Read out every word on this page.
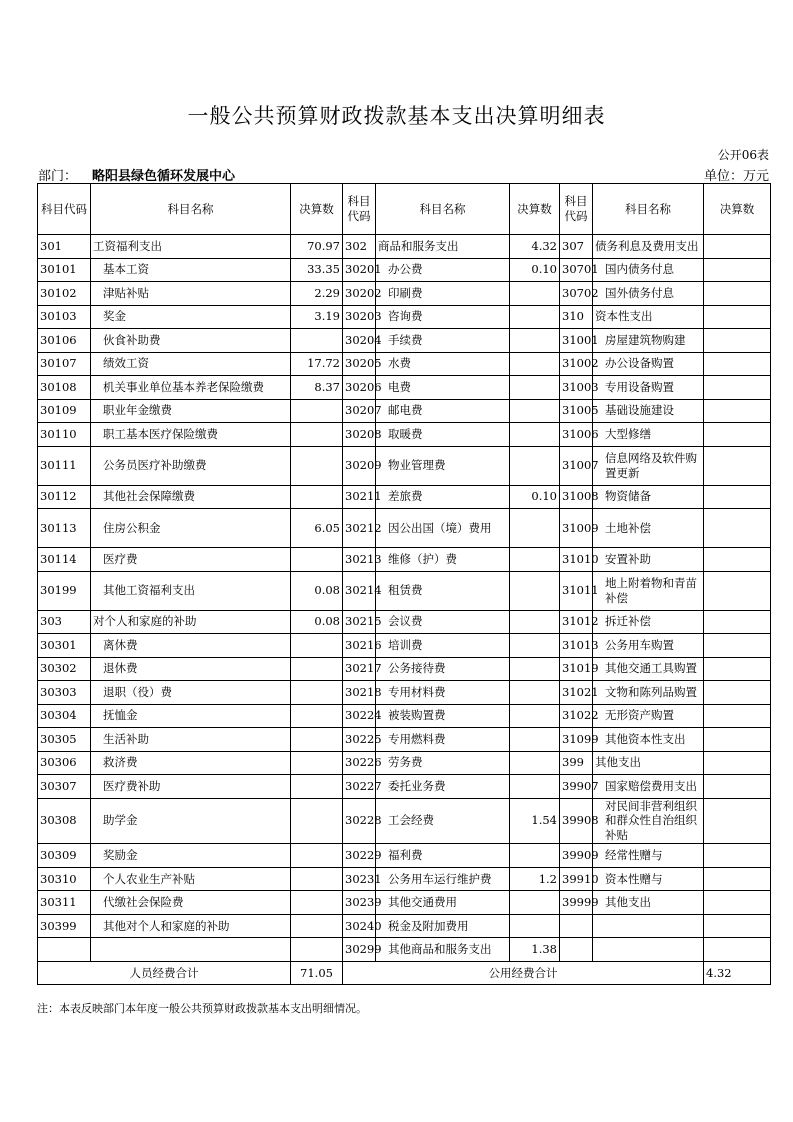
一般公共预算财政拨款基本支出决算明细表
公开06表
部门： 略阳县绿色循环发展中心	单位：万元
科目代码	科目名称	决算数	科目代码	科目名称	决算数	科目代码	科目名称	决算数
301	工资福利支出	70.97	302	商品和服务支出	4.32	307	债务利息及费用支出	
30101	基本工资	33.35	30201	办公费	0.10	30701	国内债务付息	
30102	津贴补贴	2.29	30202	印刷费		30702	国外债务付息	
30103	奖金	3.19	30203	咨询费		310	资本性支出	
30106	伙食补助费		30204	手续费		31001	房屋建筑物购建	
30107	绩效工资	17.72	30205	水费		31002	办公设备购置	
30108	机关事业单位基本养老保险缴费	8.37	30206	电费		31003	专用设备购置	
30109	职业年金缴费		30207	邮电费		31005	基础设施建设	
30110	职工基本医疗保险缴费		30208	取暖费		31006	大型修缮	
30111	公务员医疗补助缴费		30209	物业管理费		31007	信息网络及软件购置更新	
30112	其他社会保障缴费		30211	差旅费	0.10	31008	物资储备	
30113	住房公积金	6.05	30212	因公出国（境）费用		31009	土地补偿	
30114	医疗费		30213	维修（护）费		31010	安置补助	
30199	其他工资福利支出	0.08	30214	租赁费		31011	地上附着物和青苗补偿	
303	对个人和家庭的补助	0.08	30215	会议费		31012	拆迁补偿	
30301	离休费		30216	培训费		31013	公务用车购置	
30302	退休费		30217	公务接待费		31019	其他交通工具购置	
30303	退职（役）费		30218	专用材料费		31021	文物和陈列品购置	
30304	抚恤金		30224	被装购置费		31022	无形资产购置	
30305	生活补助		30225	专用燃料费		31099	其他资本性支出	
30306	救济费		30226	劳务费		399	其他支出	
30307	医疗费补助		30227	委托业务费		39907	国家赔偿费用支出	
30308	助学金		30228	工会经费	1.54	39908	对民间非营利组织和群众性自治组织补贴	
30309	奖励金		30229	福利费		39909	经常性赠与	
30310	个人农业生产补贴		30231	公务用车运行维护费	1.2	39910	资本性赠与	
30311	代缴社会保险费		30239	其他交通费用		39999	其他支出	
30399	其他对个人和家庭的补助		30240	税金及附加费用				
			30299	其他商品和服务支出	1.38			
人员经费合计		71.05	公用经费合计					4.32
注：本表反映部门本年度一般公共预算财政拨款基本支出明细情况。
